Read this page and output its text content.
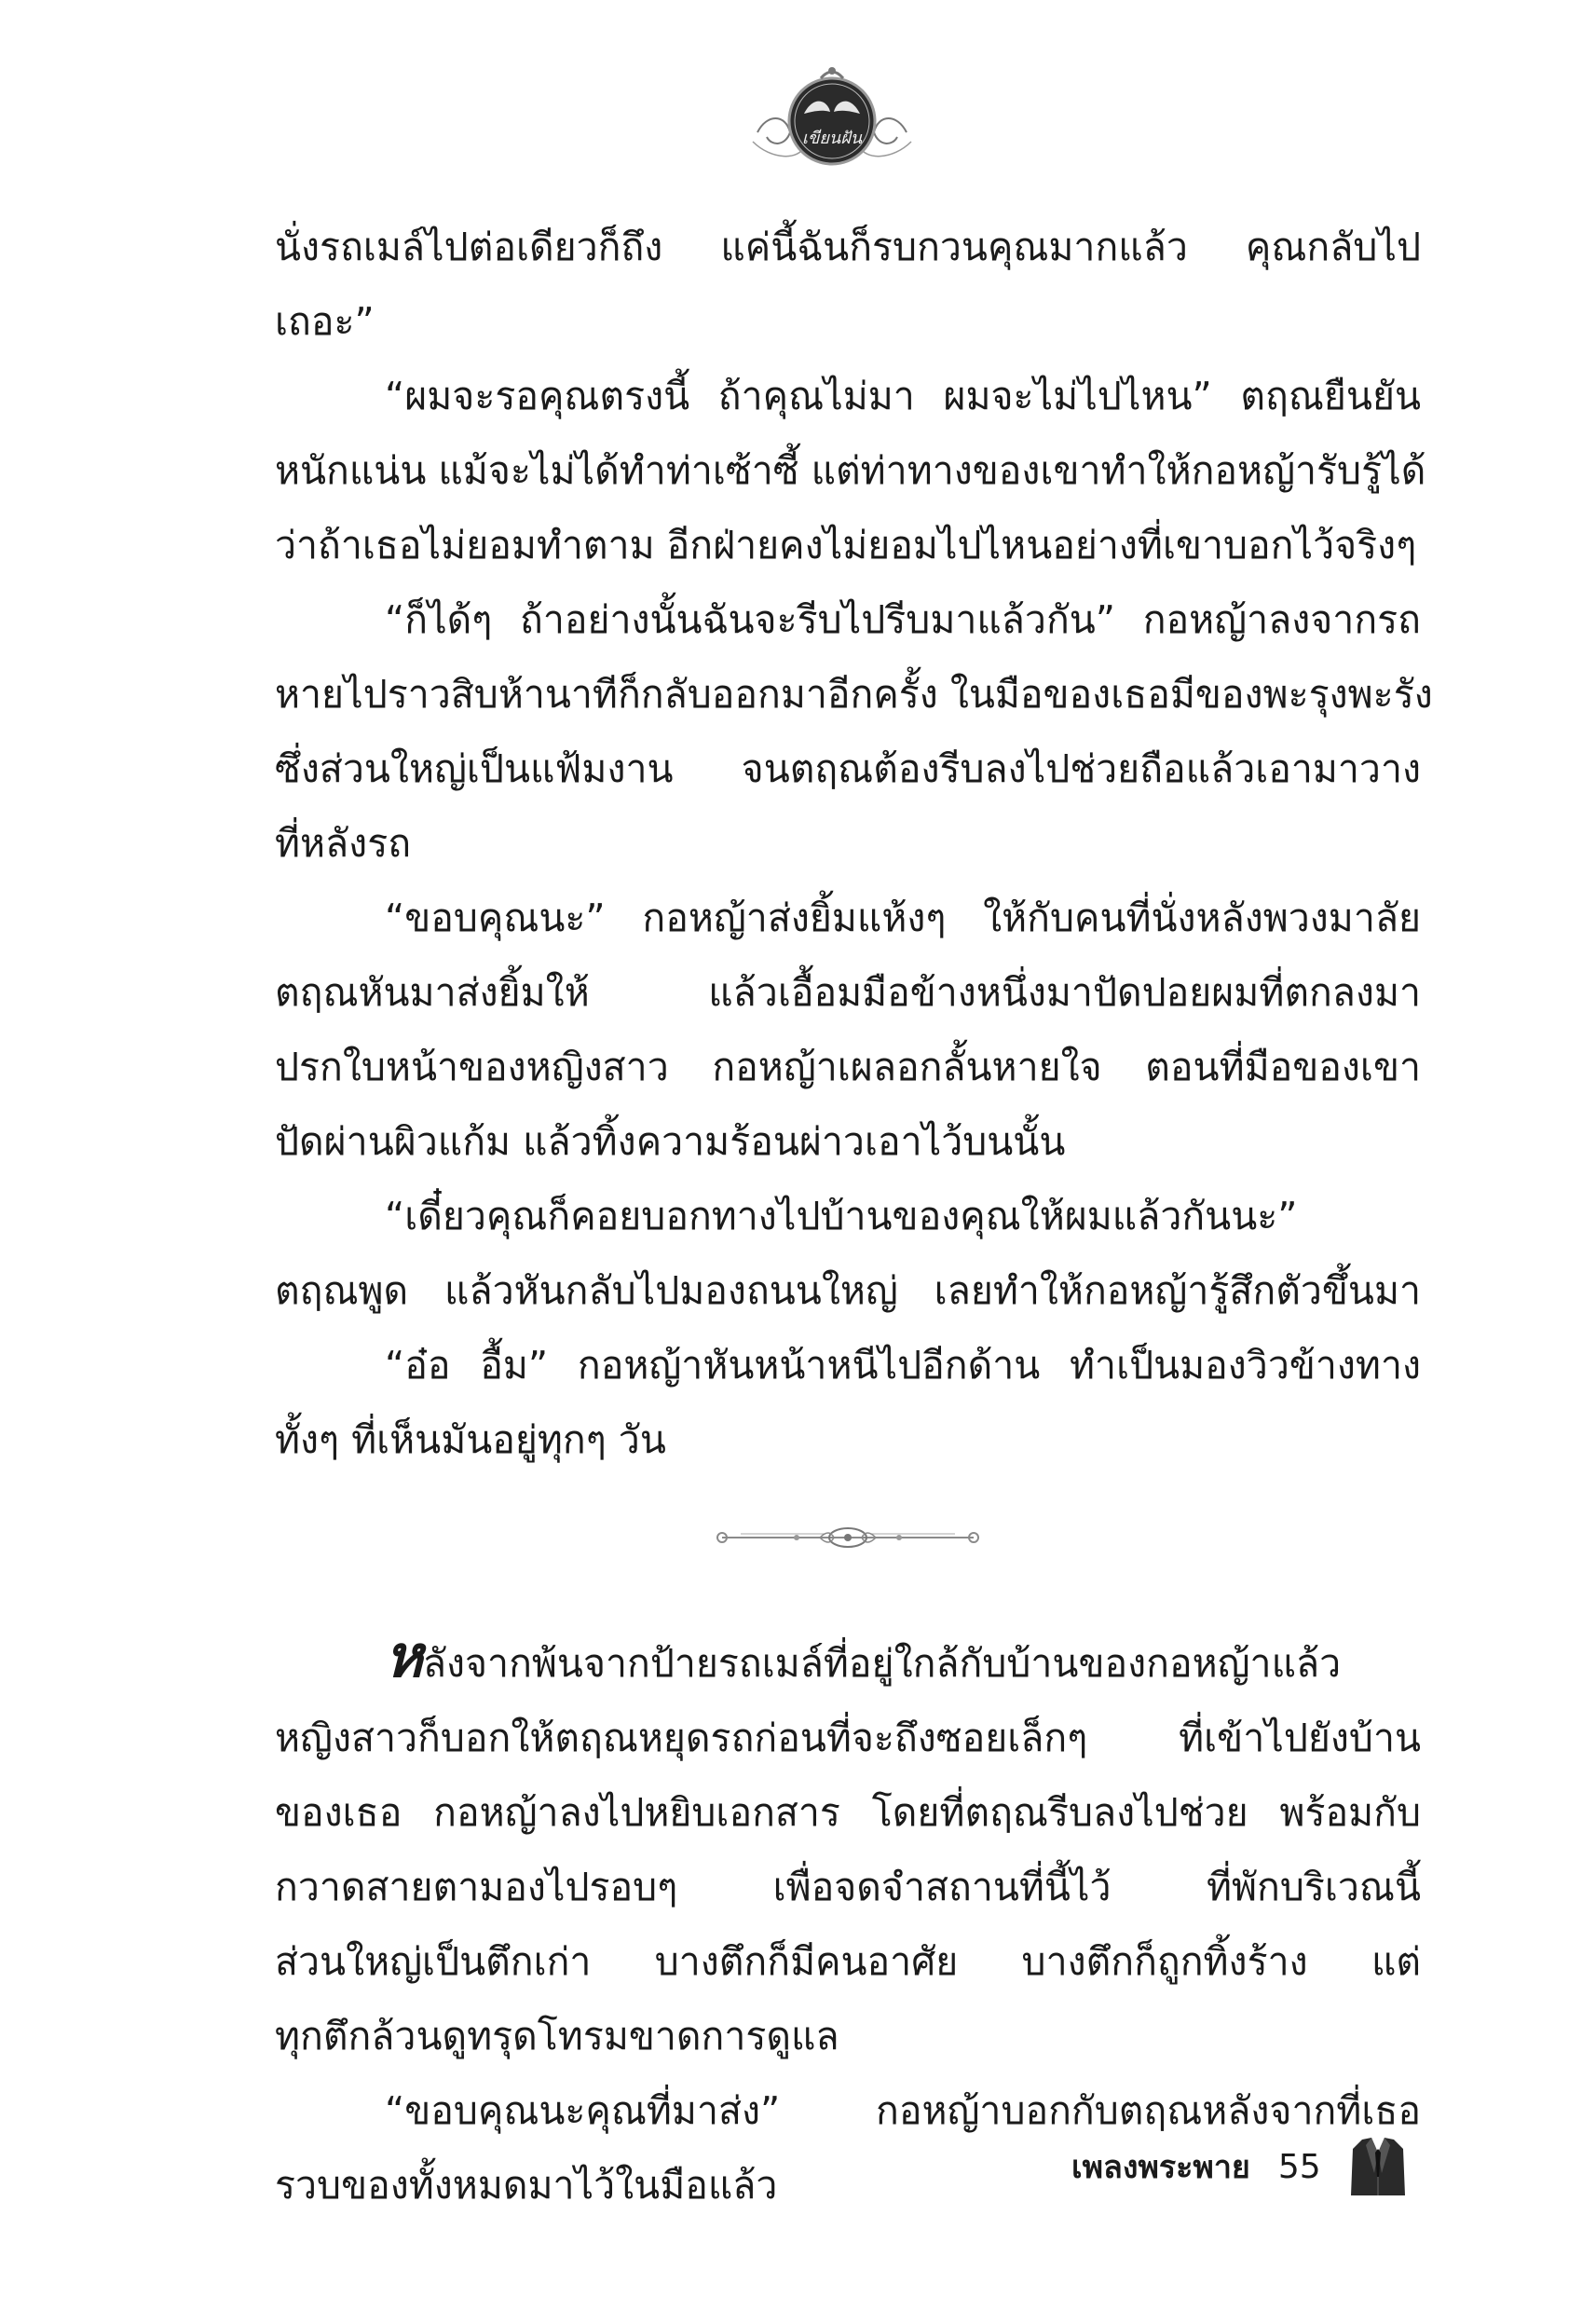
เขียนฝัน
นั่งรถเมล์ไปต่อเดียวก็ถึง แค่นี้ฉันก็รบกวนคุณมากแล้ว คุณกลับไป
เถอะ”
“ผมจะรอคุณตรงนี้ ถ้าคุณไม่มา ผมจะไม่ไปไหน” ตฤณยืนยัน
หนักแน่น แม้จะไม่ได้ทำท่าเซ้าซี้ แต่ท่าทางของเขาทำให้กอหญ้ารับรู้ได้
ว่าถ้าเธอไม่ยอมทำตาม อีกฝ่ายคงไม่ยอมไปไหนอย่างที่เขาบอกไว้จริงๆ
“ก็ได้ๆ ถ้าอย่างนั้นฉันจะรีบไปรีบมาแล้วกัน” กอหญ้าลงจากรถ
หายไปราวสิบห้านาทีก็กลับออกมาอีกครั้ง ในมือของเธอมีของพะรุงพะรัง
ซึ่งส่วนใหญ่เป็นแฟ้มงาน จนตฤณต้องรีบลงไปช่วยถือแล้วเอามาวาง
ที่หลังรถ
“ขอบคุณนะ” กอหญ้าส่งยิ้มแห้งๆ ให้กับคนที่นั่งหลังพวงมาลัย
ตฤณหันมาส่งยิ้มให้ แล้วเอื้อมมือข้างหนึ่งมาปัดปอยผมที่ตกลงมา
ปรกใบหน้าของหญิงสาว กอหญ้าเผลอกลั้นหายใจ ตอนที่มือของเขา
ปัดผ่านผิวแก้ม แล้วทิ้งความร้อนผ่าวเอาไว้บนนั้น
“เดี๋ยวคุณก็คอยบอกทางไปบ้านของคุณให้ผมแล้วกันนะ”
ตฤณพูด แล้วหันกลับไปมองถนนใหญ่ เลยทำให้กอหญ้ารู้สึกตัวขึ้นมา
“อ๋อ อื้ม” กอหญ้าหันหน้าหนีไปอีกด้าน ทำเป็นมองวิวข้างทาง
ทั้งๆ ที่เห็นมันอยู่ทุกๆ วัน
หลังจากพ้นจากป้ายรถเมล์ที่อยู่ใกล้กับบ้านของกอหญ้าแล้ว
หญิงสาวก็บอกให้ตฤณหยุดรถก่อนที่จะถึงซอยเล็กๆ ที่เข้าไปยังบ้าน
ของเธอ กอหญ้าลงไปหยิบเอกสาร โดยที่ตฤณรีบลงไปช่วย พร้อมกับ
กวาดสายตามองไปรอบๆ เพื่อจดจำสถานที่นี้ไว้ ที่พักบริเวณนี้
ส่วนใหญ่เป็นตึกเก่า บางตึกก็มีคนอาศัย บางตึกก็ถูกทิ้งร้าง แต่
ทุกตึกล้วนดูทรุดโทรมขาดการดูแล
“ขอบคุณนะคุณที่มาส่ง” กอหญ้าบอกกับตฤณหลังจากที่เธอ
รวบของทั้งหมดมาไว้ในมือแล้ว	เพลงพระพาย 55
